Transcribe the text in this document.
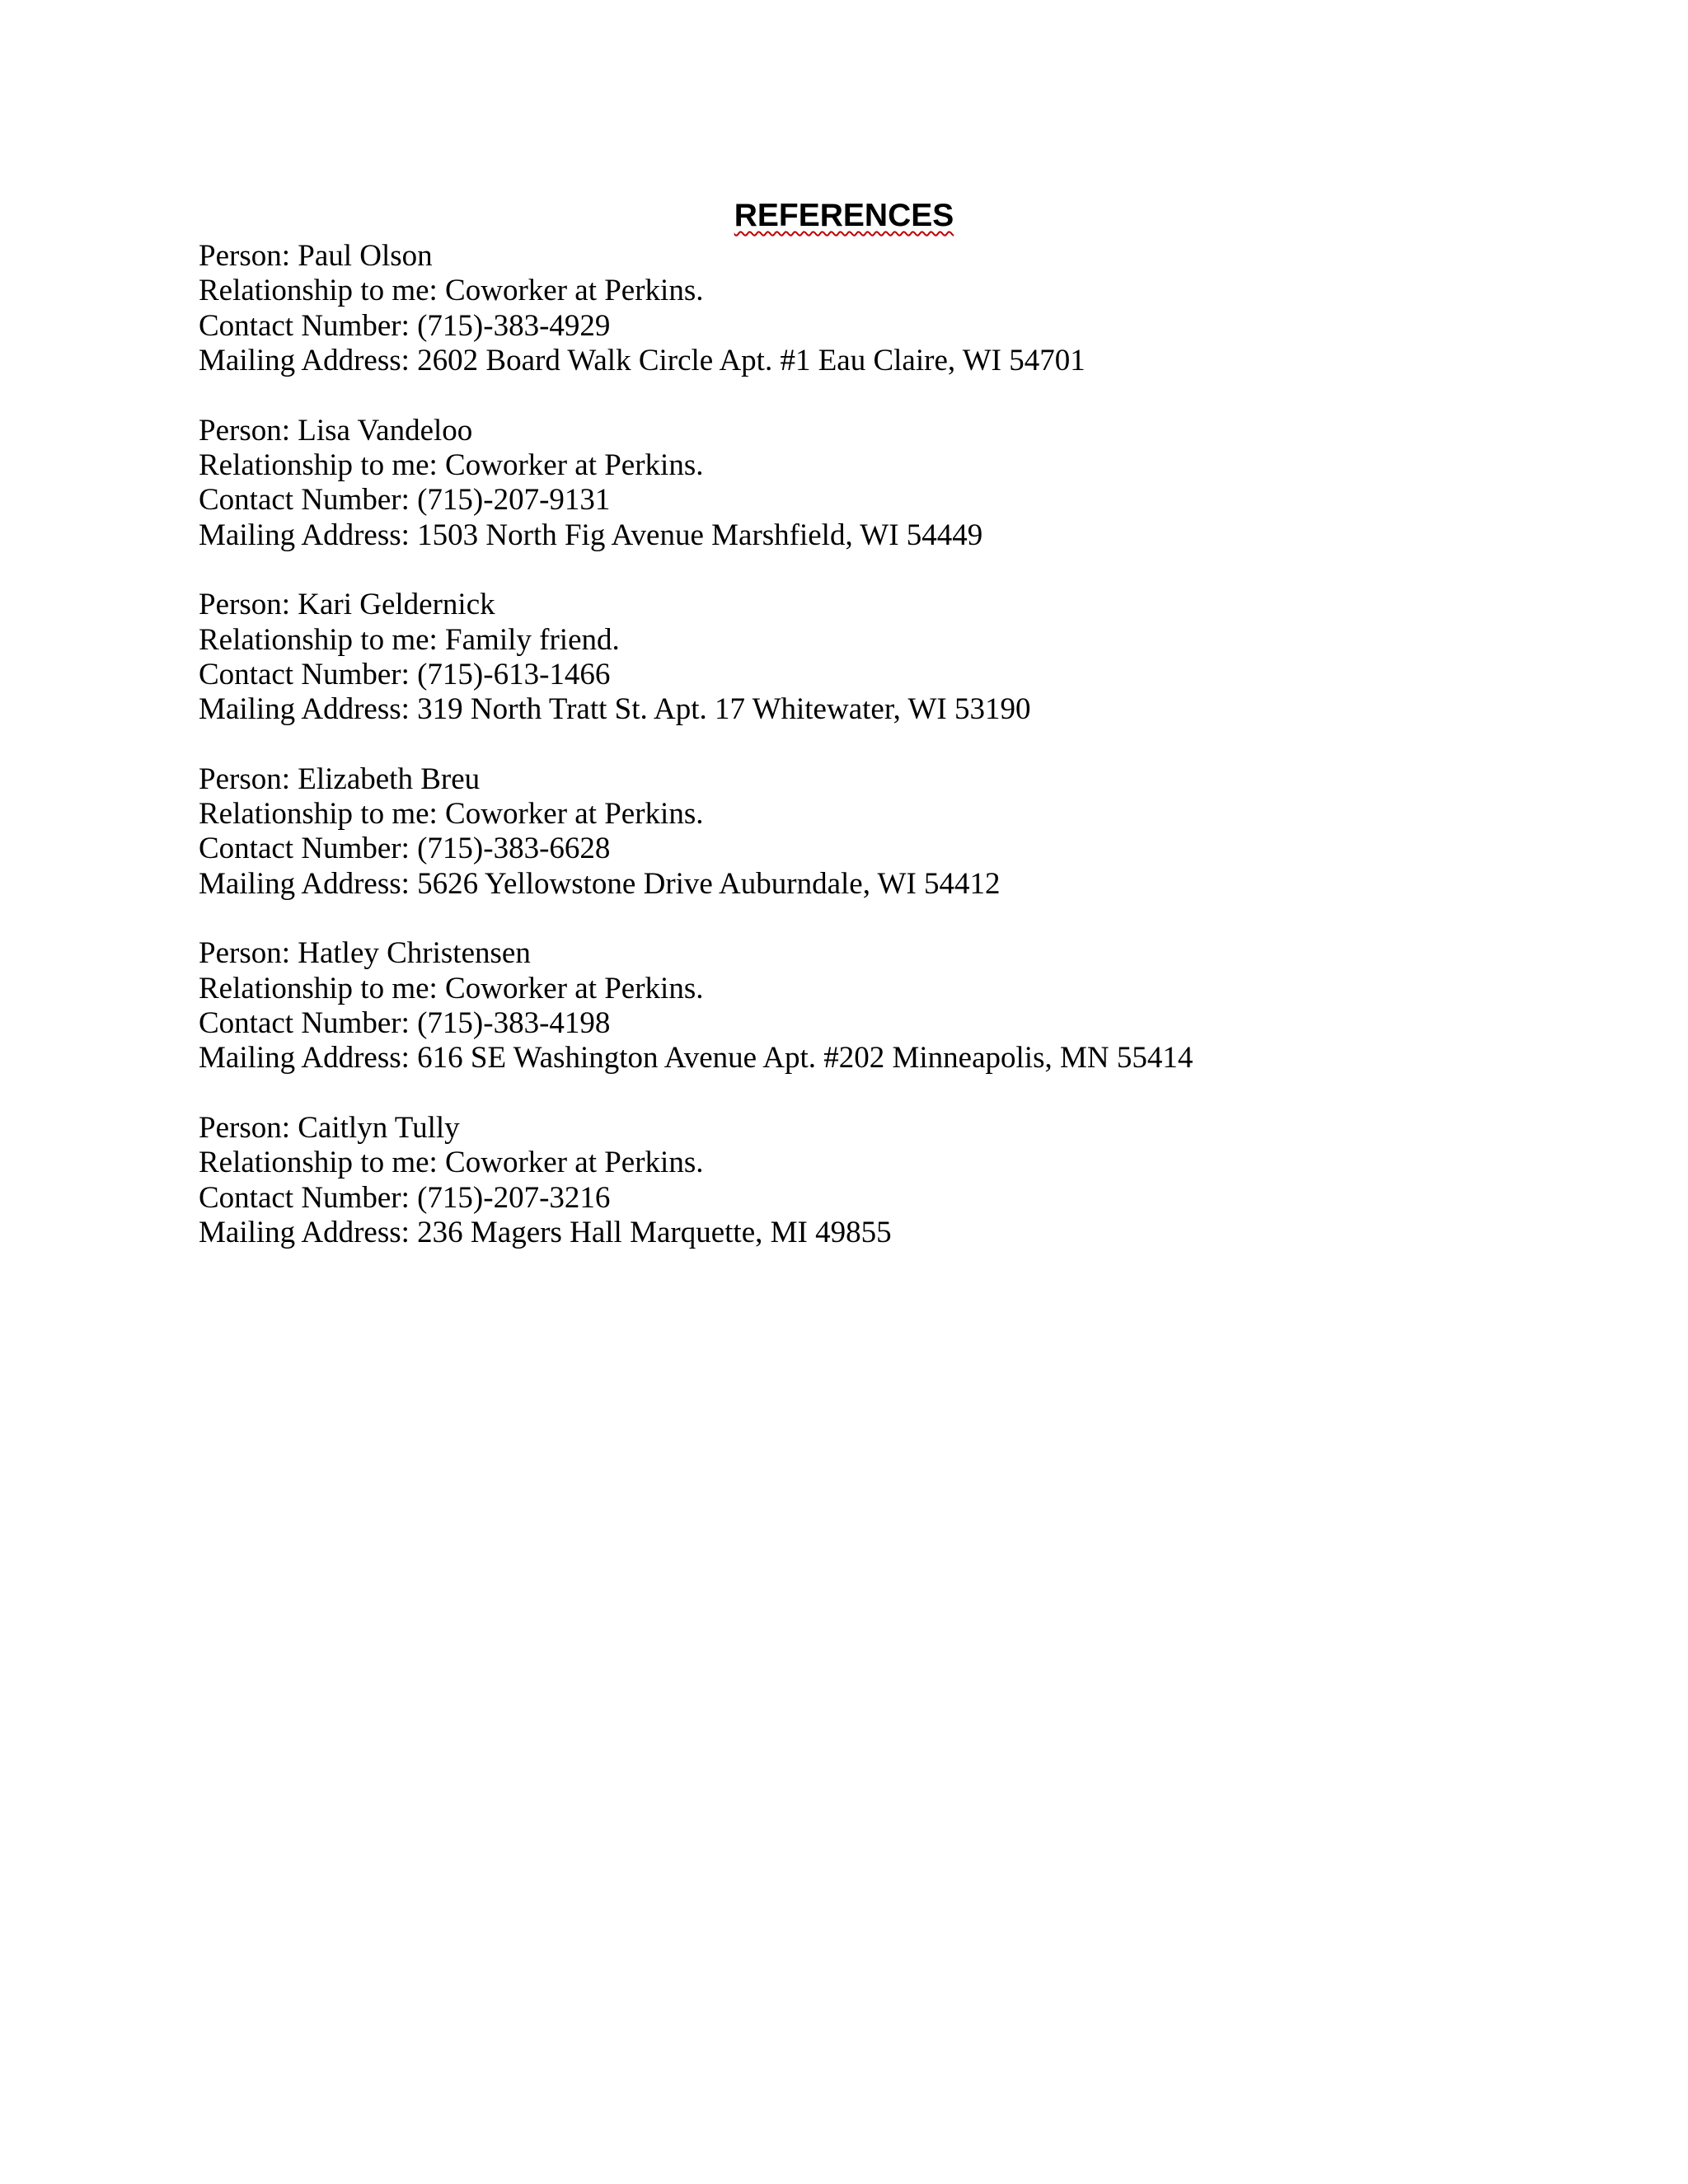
REFERENCES
Person: Paul Olson
Relationship to me: Coworker at Perkins.
Contact Number: (715)-383-4929
Mailing Address: 2602 Board Walk Circle Apt. #1 Eau Claire, WI 54701
Person: Lisa Vandeloo
Relationship to me: Coworker at Perkins.
Contact Number: (715)-207-9131
Mailing Address: 1503 North Fig Avenue Marshfield, WI 54449
Person: Kari Geldernick
Relationship to me: Family friend.
Contact Number: (715)-613-1466
Mailing Address: 319 North Tratt St. Apt. 17 Whitewater, WI 53190
Person: Elizabeth Breu
Relationship to me: Coworker at Perkins.
Contact Number: (715)-383-6628
Mailing Address: 5626 Yellowstone Drive Auburndale, WI 54412
Person: Hatley Christensen
Relationship to me: Coworker at Perkins.
Contact Number: (715)-383-4198
Mailing Address: 616 SE Washington Avenue Apt. #202 Minneapolis, MN 55414
Person: Caitlyn Tully
Relationship to me: Coworker at Perkins.
Contact Number: (715)-207-3216
Mailing Address: 236 Magers Hall Marquette, MI 49855
